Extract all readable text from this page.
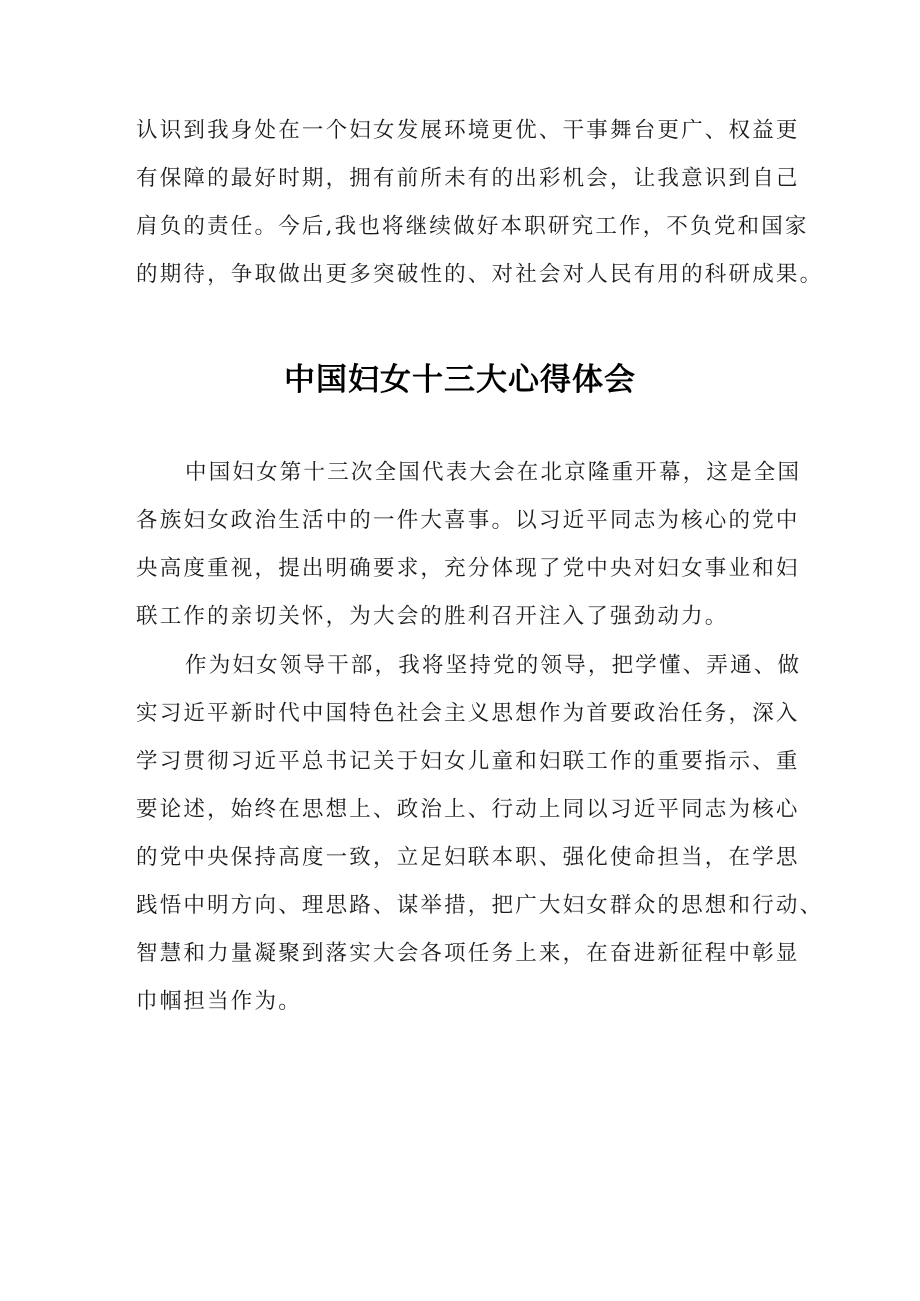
认识到我身处在一个妇女发展环境更优、干事舞台更广、权益更
有保障的最好时期，拥有前所未有的出彩机会，让我意识到自己
肩负的责任。今后,我也将继续做好本职研究工作，不负党和国家
的期待，争取做出更多突破性的、对社会对人民有用的科研成果。
中国妇女十三大心得体会
中国妇女第十三次全国代表大会在北京隆重开幕，这是全国
各族妇女政治生活中的一件大喜事。以习近平同志为核心的党中
央高度重视，提出明确要求，充分体现了党中央对妇女事业和妇
联工作的亲切关怀，为大会的胜利召开注入了强劲动力。
作为妇女领导干部，我将坚持党的领导，把学懂、弄通、做
实习近平新时代中国特色社会主义思想作为首要政治任务，深入
学习贯彻习近平总书记关于妇女儿童和妇联工作的重要指示、重
要论述，始终在思想上、政治上、行动上同以习近平同志为核心
的党中央保持高度一致，立足妇联本职、强化使命担当，在学思
践悟中明方向、理思路、谋举措，把广大妇女群众的思想和行动、
智慧和力量凝聚到落实大会各项任务上来，在奋进新征程中彰显
巾帼担当作为。
